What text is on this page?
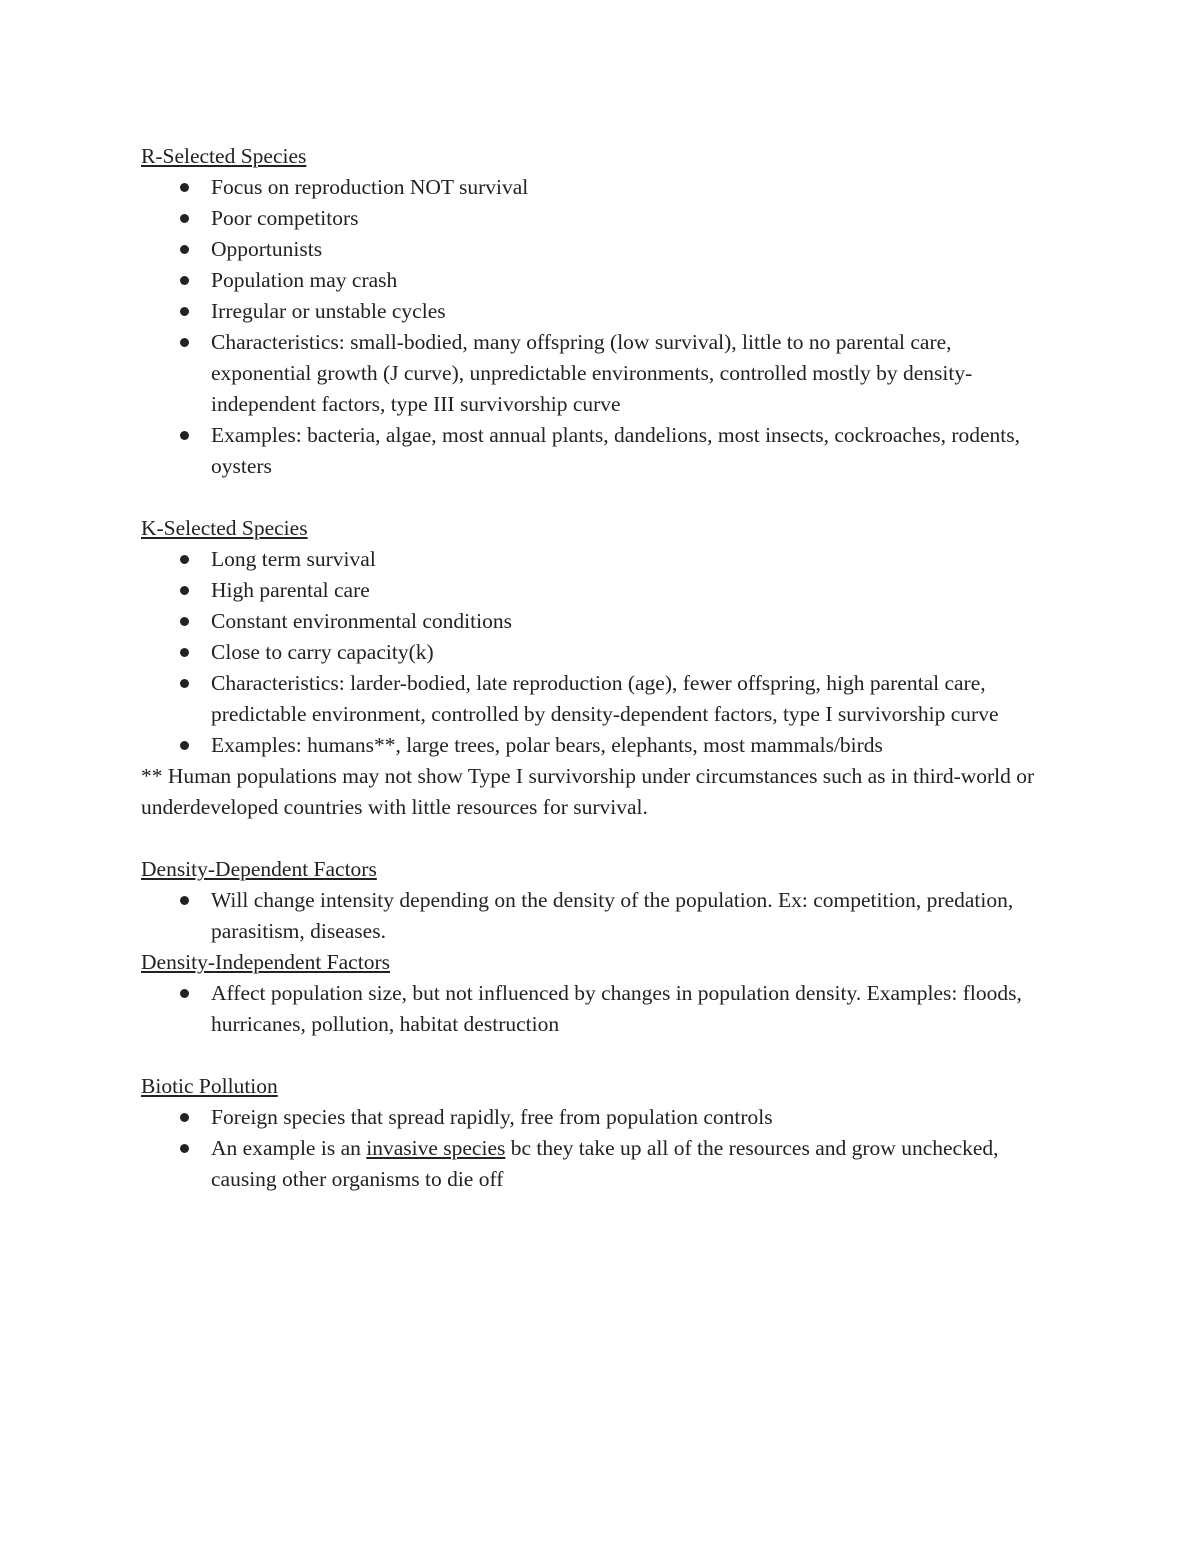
R-Selected Species
Focus on reproduction NOT survival
Poor competitors
Opportunists
Population may crash
Irregular or unstable cycles
Characteristics: small-bodied, many offspring (low survival), little to no parental care, exponential growth (J curve), unpredictable environments, controlled mostly by density-independent factors, type III survivorship curve
Examples: bacteria, algae, most annual plants, dandelions, most insects, cockroaches, rodents, oysters
K-Selected Species
Long term survival
High parental care
Constant environmental conditions
Close to carry capacity(k)
Characteristics: larder-bodied, late reproduction (age), fewer offspring, high parental care, predictable environment, controlled by density-dependent factors, type I survivorship curve
Examples: humans**, large trees, polar bears, elephants, most mammals/birds

** Human populations may not show Type I survivorship under circumstances such as in third-world or underdeveloped countries with little resources for survival.

Density-Dependent Factors
Will change intensity depending on the density of the population. Ex: competition, predation, parasitism, diseases.
Density-Independent Factors
Affect population size, but not influenced by changes in population density. Examples: floods, hurricanes, pollution, habitat destruction
Biotic Pollution
Foreign species that spread rapidly, free from population controls
An example is an invasive species bc they take up all of the resources and grow unchecked, causing other organisms to die off
